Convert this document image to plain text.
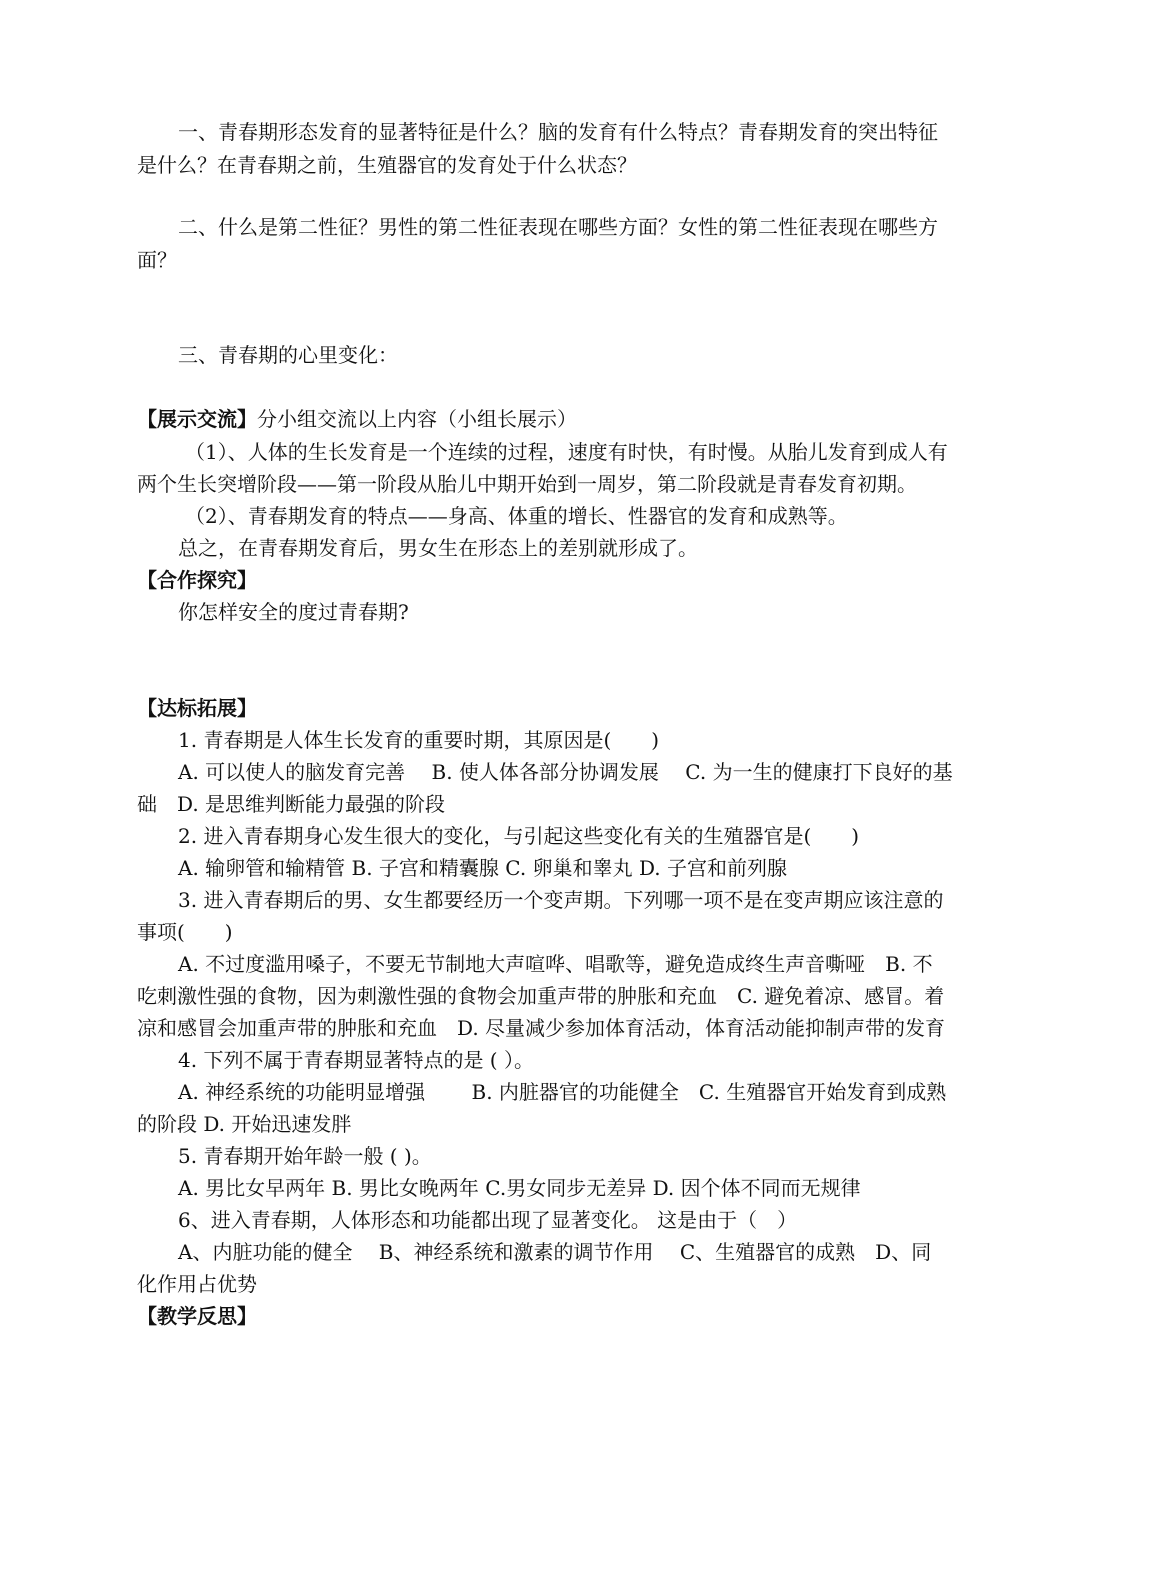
一、青春期形态发育的显著特征是什么？脑的发育有什么特点？青春期发育的突出特征
是什么？在青春期之前，生殖器官的发育处于什么状态？
二、什么是第二性征？男性的第二性征表现在哪些方面？女性的第二性征表现在哪些方
面？
三、青春期的心里变化：
【展示交流】分小组交流以上内容（小组长展示）
（1）、人体的生长发育是一个连续的过程，速度有时快，有时慢。从胎儿发育到成人有
两个生长突增阶段——第一阶段从胎儿中期开始到一周岁，第二阶段就是青春发育初期。
（2）、青春期发育的特点——身高、体重的增长、性器官的发育和成熟等。
总之，在青春期发育后，男女生在形态上的差别就形成了。
【合作探究】
你怎样安全的度过青春期?
【达标拓展】
1. 青春期是人体生长发育的重要时期，其原因是(　　)
A. 可以使人的脑发育完善　 B. 使人体各部分协调发展　 C. 为一生的健康打下良好的基
础　D. 是思维判断能力最强的阶段
2. 进入青春期身心发生很大的变化，与引起这些变化有关的生殖器官是(　　)
A. 输卵管和输精管 B. 子宫和精囊腺 C. 卵巢和睾丸 D. 子宫和前列腺
3. 进入青春期后的男、女生都要经历一个变声期。下列哪一项不是在变声期应该注意的
事项(　　)
A. 不过度滥用嗓子，不要无节制地大声喧哗、唱歌等，避免造成终生声音嘶哑　B. 不
吃刺激性强的食物，因为刺激性强的食物会加重声带的肿胀和充血　C. 避免着凉、感冒。着
凉和感冒会加重声带的肿胀和充血　D. 尽量减少参加体育活动，体育活动能抑制声带的发育
4. 下列不属于青春期显著特点的是 ( ）。
A. 神经系统的功能明显增强　　 B. 内脏器官的功能健全　C. 生殖器官开始发育到成熟
的阶段 D. 开始迅速发胖
5. 青春期开始年龄一般 ( )。
A. 男比女早两年 B. 男比女晚两年 C.男女同步无差异 D. 因个体不同而无规律
6、进入青春期，人体形态和功能都出现了显著变化。 这是由于（　）
A、内脏功能的健全　 B、神经系统和激素的调节作用　 C、生殖器官的成熟　D、同
化作用占优势
【教学反思】
